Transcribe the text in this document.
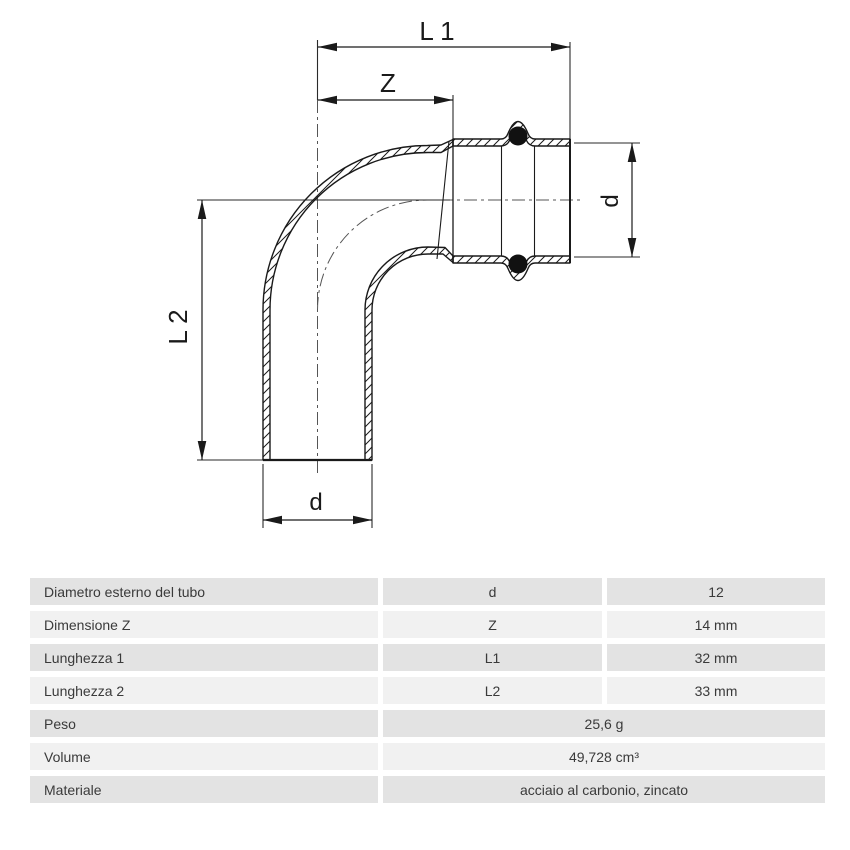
L 1
Z
L 2
d
d
Diametro esterno del tubo	d	12
Dimensione Z	Z	14 mm
Lunghezza 1	L1	32 mm
Lunghezza 2	L2	33 mm
Peso	25,6 g
Volume	49,728 cm³
Materiale	acciaio al carbonio, zincato
